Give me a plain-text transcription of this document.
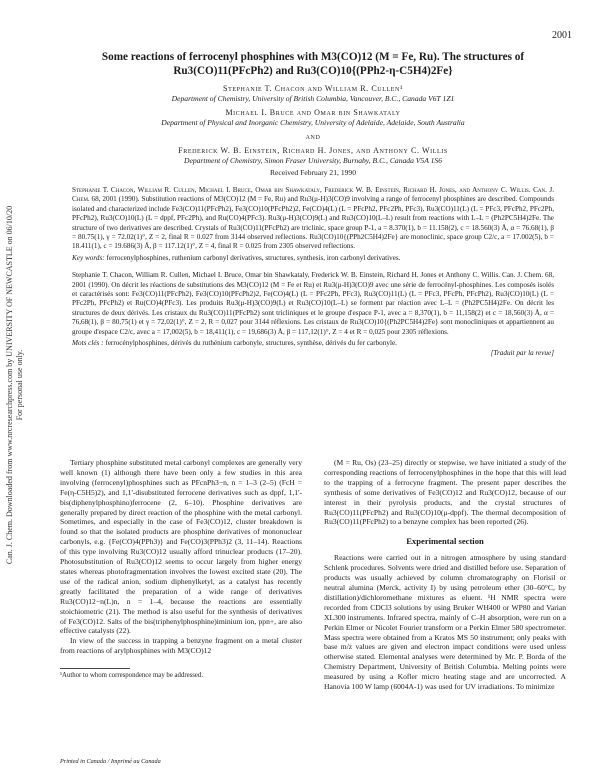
2001
Can. J. Chem. Downloaded from www.nrcresearchpress.com by UNIVERSITY OF NEWCASTLE on 06/10/20 For personal use only.
Some reactions of ferrocenyl phosphines with M3(CO)12 (M = Fe, Ru). The structures of Ru3(CO)11(PFcPh2) and Ru3(CO)10{(PPh2-η-C5H4)2Fe}
Stephanie T. Chacon and William R. Cullen¹
Department of Chemistry, University of British Columbia, Vancouver, B.C., Canada V6T 1Z1
Michael I. Bruce and Omar bin Shawkataly
Department of Physical and Inorganic Chemistry, University of Adelaide, Adelaide, South Australia
and
Frederick W. B. Einstein, Richard H. Jones, and Anthony C. Willis
Department of Chemistry, Simon Fraser University, Burnaby, B.C., Canada V5A 1S6
Received February 21, 1990
Stephanie T. Chacon, William R. Cullen, Michael I. Bruce, Omar bin Shawkataly, Frederick W. B. Einstein, Richard H. Jones, and Anthony C. Willis. Can. J. Chem. 68, 2001 (1990). Substitution reactions of M3(CO)12 (M = Fe, Ru) and Ru3(μ-H)3(CO)9 involving a range of ferrocenyl phosphines are described. Compounds isolated and characterized include Fe3(CO)11(PFcPh2), Fe3(CO)10(PFcPh2)2, Fe(CO)4(L) (L = PFcPh2, PFc2Ph, PFc3), Ru3(CO)11(L) (L = PFc3, PFcPh2, PFc2Ph, PFcPh2), Ru3(CO)10(L) (L = dppf, PFc2Ph), and Ru(CO)4(PFc3). Ru3(μ-H)3(CO)9(L) and Ru3(CO)10(L–L) result from reactions with L–L = (Ph2PC5H4)2Fe. The structure of two derivatives are described. Crystals of Ru3(CO)11(PFcPh2) are triclinic, space group P-1, a = 8.370(1), b = 11.158(2), c = 18.560(3) Å, α = 76.68(1), β = 80.75(1), γ = 72.02(1)°, Z = 2, final R = 0.027 from 3144 observed reflections. Ru3(CO)10{(PPh2C5H4)2Fe} are monoclinic, space group C2/c, a = 17.002(5), b = 18.411(1), c = 19.686(3) Å, β = 117.12(1)°, Z = 4, final R = 0.025 from 2305 observed reflections.
Key words: ferrocenylphosphines, ruthenium carbonyl derivatives, structures, synthesis, iron carbonyl derivatives.
Stephanie T. Chacon, William R. Cullen, Michael I. Bruce, Omar bin Shawkataly, Frederick W. B. Einstein, Richard H. Jones et Anthony C. Willis. Can. J. Chem. 68, 2001 (1990). On décrit les réactions de substitutions des M3(CO)12 (M = Fe et Ru) et Ru3(μ-H)3(CO)9 avec une série de ferrocényl-phosphines. Les composés isolés et caractérisés sont: Fe3(CO)11(PFcPh2), Fe3(CO)10(PFcPh2)2, Fe(CO)4(L) (L = PFc2Ph, PFc3), Ru3(CO)11(L) (L = PFc3, PFcPh, PFcPh2), Ru3(CO)10(L) (L = PFc2Ph, PFcPh2) et Ru(CO)4(PFc3). Les produits Ru3(μ-H)3(CO)9(L) et Ru3(CO)10(L–L) se forment par réaction avec L–L = (Ph2PC5H4)2Fe. On décrit les structures de deux dérivés. Les cristaux du Ru3(CO)11(PFcPh2) sont tricliniques et le groupe d'espace P-1, avec a = 8,370(1), b = 11,158(2) et c = 18,560(3) Å, α = 76,68(1), β = 80,75(1) et γ = 72,02(1)°, Z = 2, R = 0,027 pour 3144 réflexions. Les cristaux de Ru3(CO)10{(Ph2PC5H4)2Fe} sont monocliniques et appartiennent au groupe d'espace C2/c, avec a = 17,002(5), b = 18,411(1), c = 19,686(3) Å, β = 117,12(1)°, Z = 4 et R = 0,025 pour 2305 réflexions.
Mots clés : ferrocénylphosphines, dérivés du ruthénium carbonyle, structures, synthèse, dérivés du fer carbonyle.
[Traduit par la revue]

Tertiary phosphine substituted metal carbonyl complexes are generally very well known (1) although there have been only a few studies in this area involving (ferrocenyl)phosphines such as PFcnPh3−n, n = 1–3 (2–5) (FcH = Fe(η-C5H5)2), and 1,1'-disubstituted ferrocene derivatives such as dppf, 1,1'-bis(diphenylphosphino)ferrocene (2, 6–10). Phosphine derivatives are generally prepared by direct reaction of the phosphine with the metal carbonyl. Sometimes, and especially in the case of Fe3(CO)12, cluster breakdown is found so that the isolated products are phosphine derivatives of mononuclear carbonyls, e.g. {Fe(CO)4(PPh3)} and Fe(CO)3(PPh3)2 (3, 11–14). Reactions of this type involving Ru3(CO)12 usually afford trinuclear products (17–20). Photosubstitution of Ru3(CO)12 seems to occur largely from higher energy states whereas photofragmentation involves the lowest excited state (20). The use of the radical anion, sodium diphenylketyl, as a catalyst has recently greatly facilitated the preparation of a wide range of derivatives Ru3(CO)12−n(L)n, n = 1–4, because the reactions are essentially stoichiometric (21). The method is also useful for the synthesis of derivatives of Fe3(CO)12. Salts of the bis(triphenylphosphine)iminium ion, ppn+, are also effective catalysts (22).

In view of the success in trapping a benzyne fragment on a metal cluster from reactions of arylphosphines with M3(CO)12

¹Author to whom correspondence may be addressed.

(M = Ru, Os) (23–25) directly or stepwise, we have initiated a study of the corresponding reactions of ferrocenylphosphines in the hope that this will lead to the trapping of a ferrocyne fragment. The present paper describes the synthesis of some derivatives of Fe3(CO)12 and Ru3(CO)12, because of our interest in their pyrolysis products, and the crystal structures of Ru3(CO)11(PFcPh2) and Ru3(CO)10(μ-dppf). The thermal decomposition of Ru3(CO)11(PFcPh2) to a benzyne complex has been reported (26).

Experimental section

Reactions were carried out in a nitrogen atmosphere by using standard Schlenk procedures. Solvents were dried and distilled before use. Separation of products was usually achieved by column chromatography on Florisil or neutral alumina (Merck, activity I) by using petroleum ether (30–60°C, by distillation)/dichloromethane mixtures as eluent. ¹H NMR spectra were recorded from CDCl3 solutions by using Bruker WH400 or WP80 and Varian XL300 instruments. Infrared spectra, mainly of C–H absorption, were run on a Perkin Elmer or Nicolet Fourier transform or a Perkin Elmer 580 spectrometer. Mass spectra were obtained from a Kratos MS 50 instrument; only peaks with base m/z values are given and electron impact conditions were used unless otherwise stated. Elemental analyses were determined by Mr. P. Borda of the Chemistry Department, University of British Columbia. Melting points were measured by using a Kofler micro heating stage and are uncorrected. A Hanovia 100 W lamp (6004A-1) was used for UV irradiations. To minimize

Printed in Canada / Imprimé au Canada
